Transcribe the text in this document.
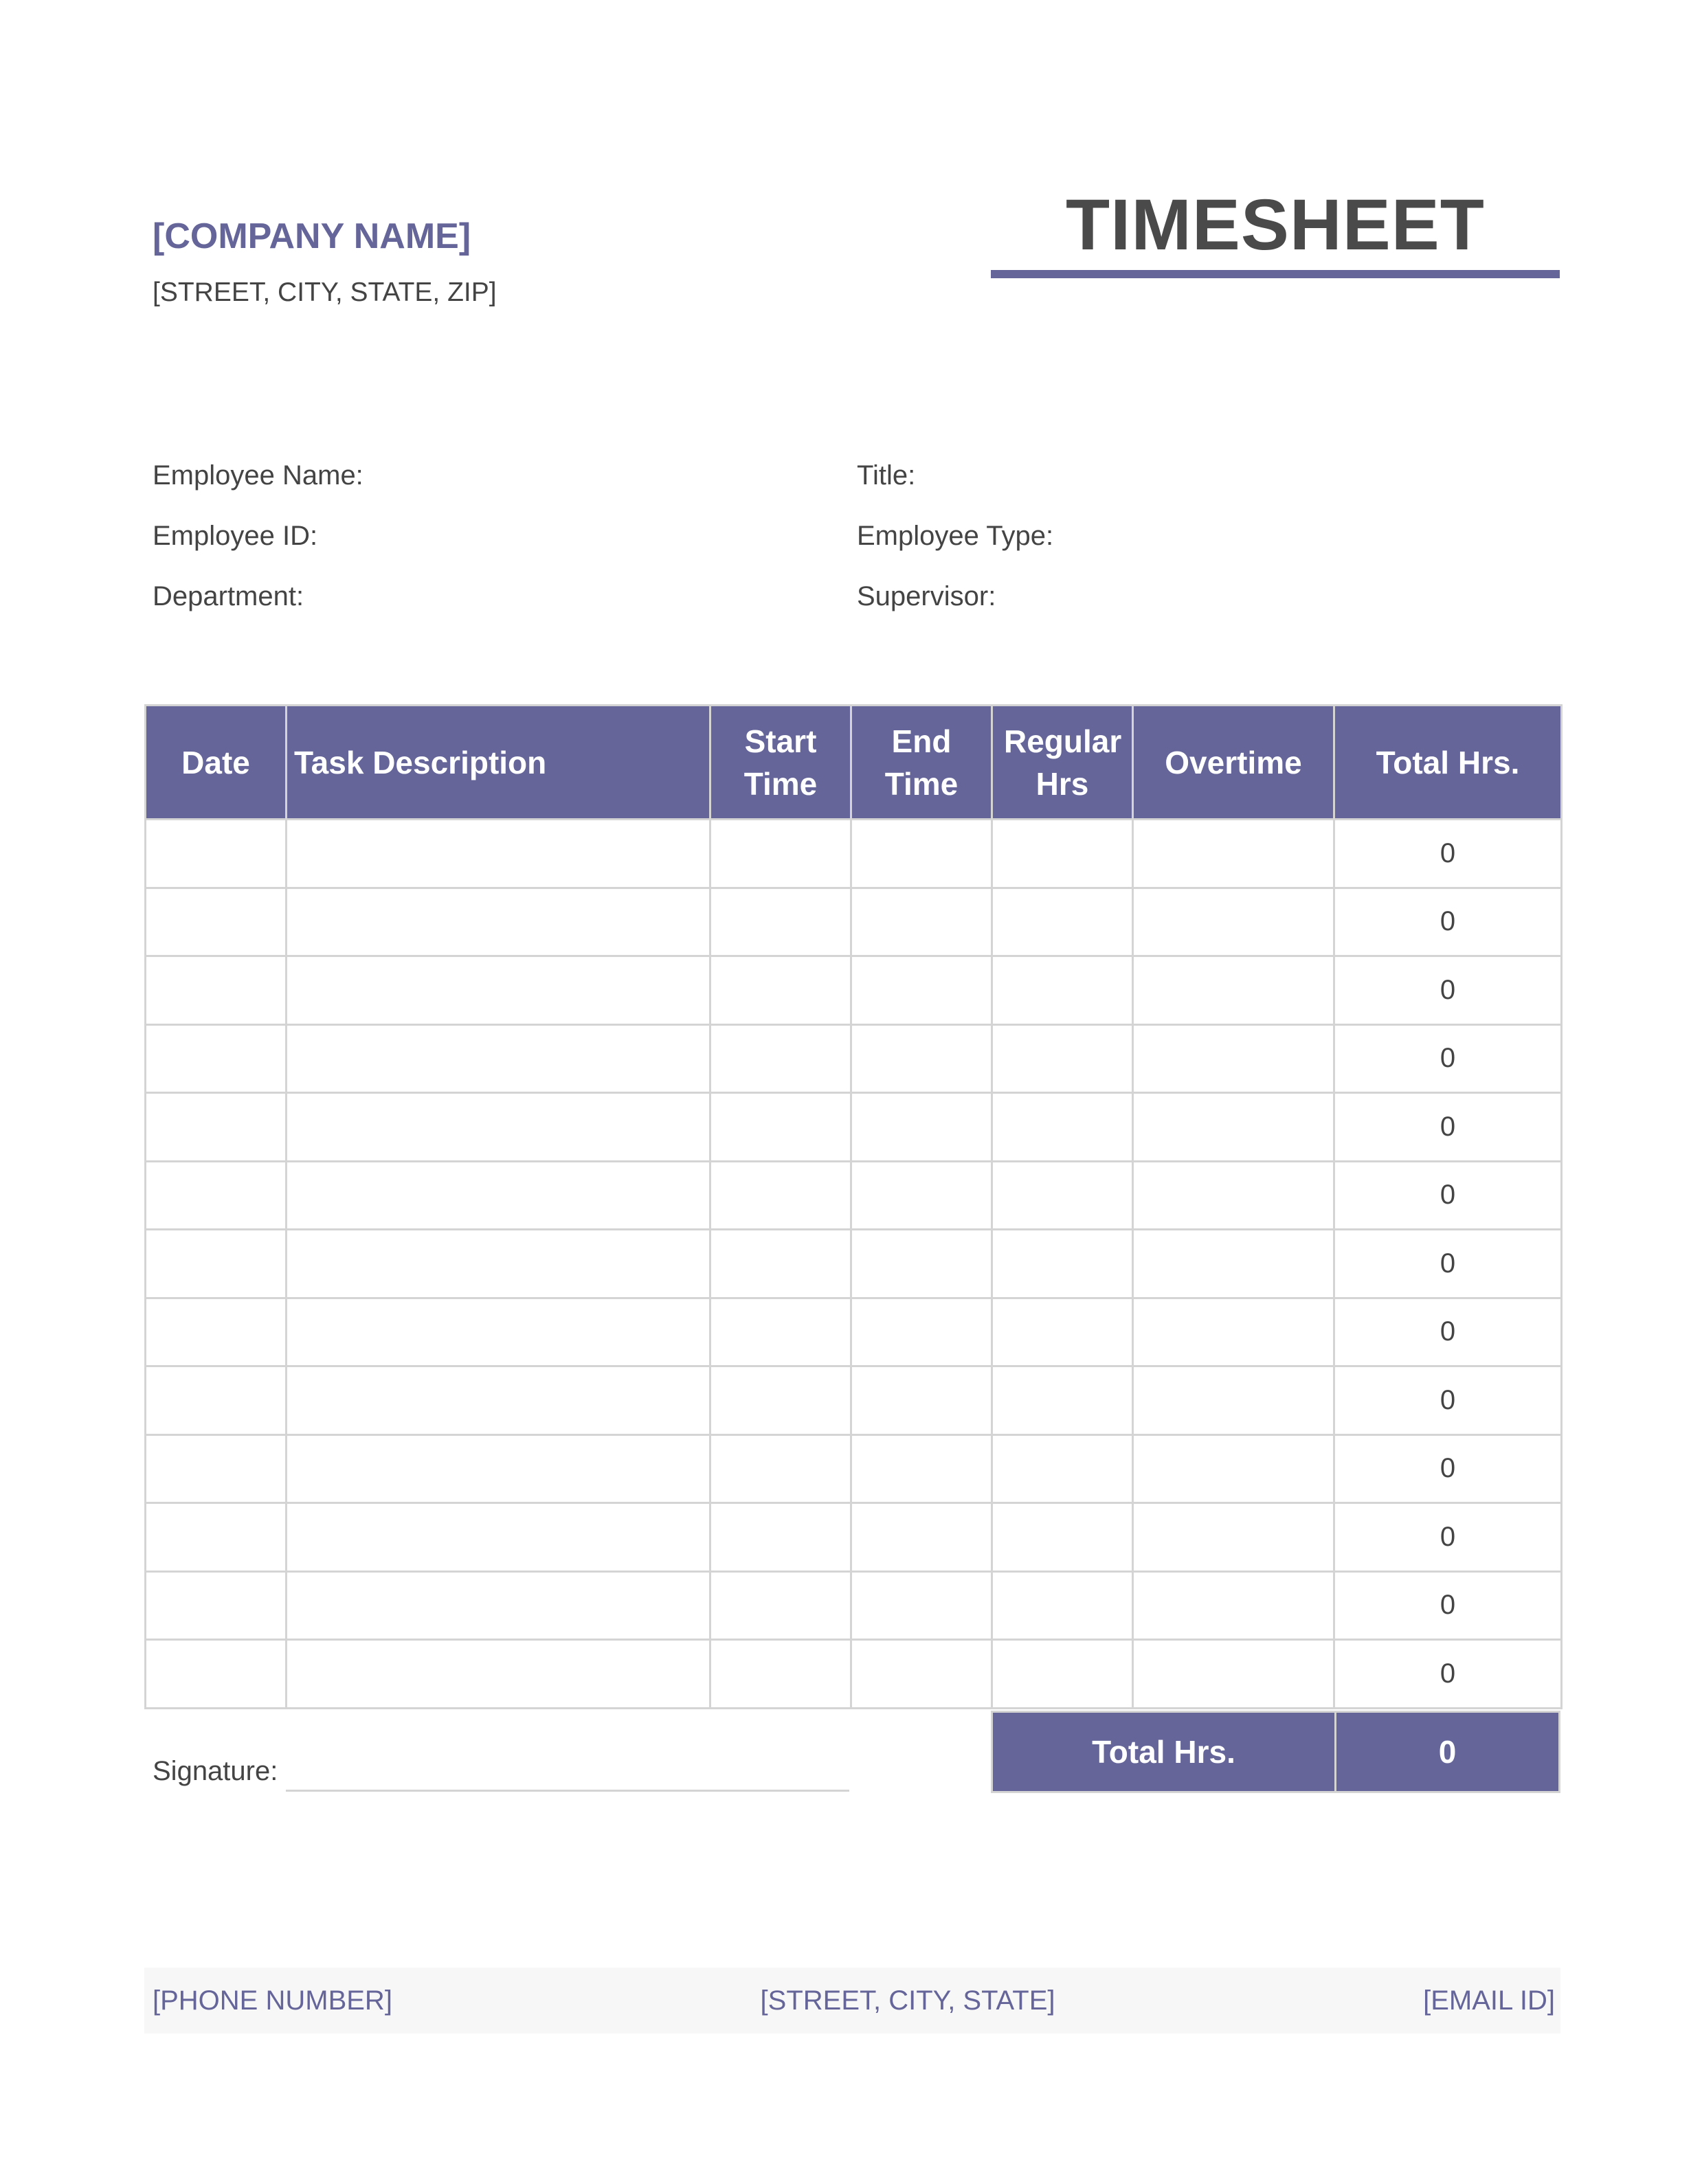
[COMPANY NAME]
[STREET, CITY, STATE, ZIP]
TIMESHEET
Employee Name:
Employee ID:
Department:
Title:
Employee Type:
Supervisor:
Date	Task Description	Start Time	End Time	Regular Hrs	Overtime	Total Hrs.
						0
						0
						0
						0
						0
						0
						0
						0
						0
						0
						0
						0
						0
Signature:
Total Hrs.	0
[PHONE NUMBER]	[STREET, CITY, STATE]	[EMAIL ID]
